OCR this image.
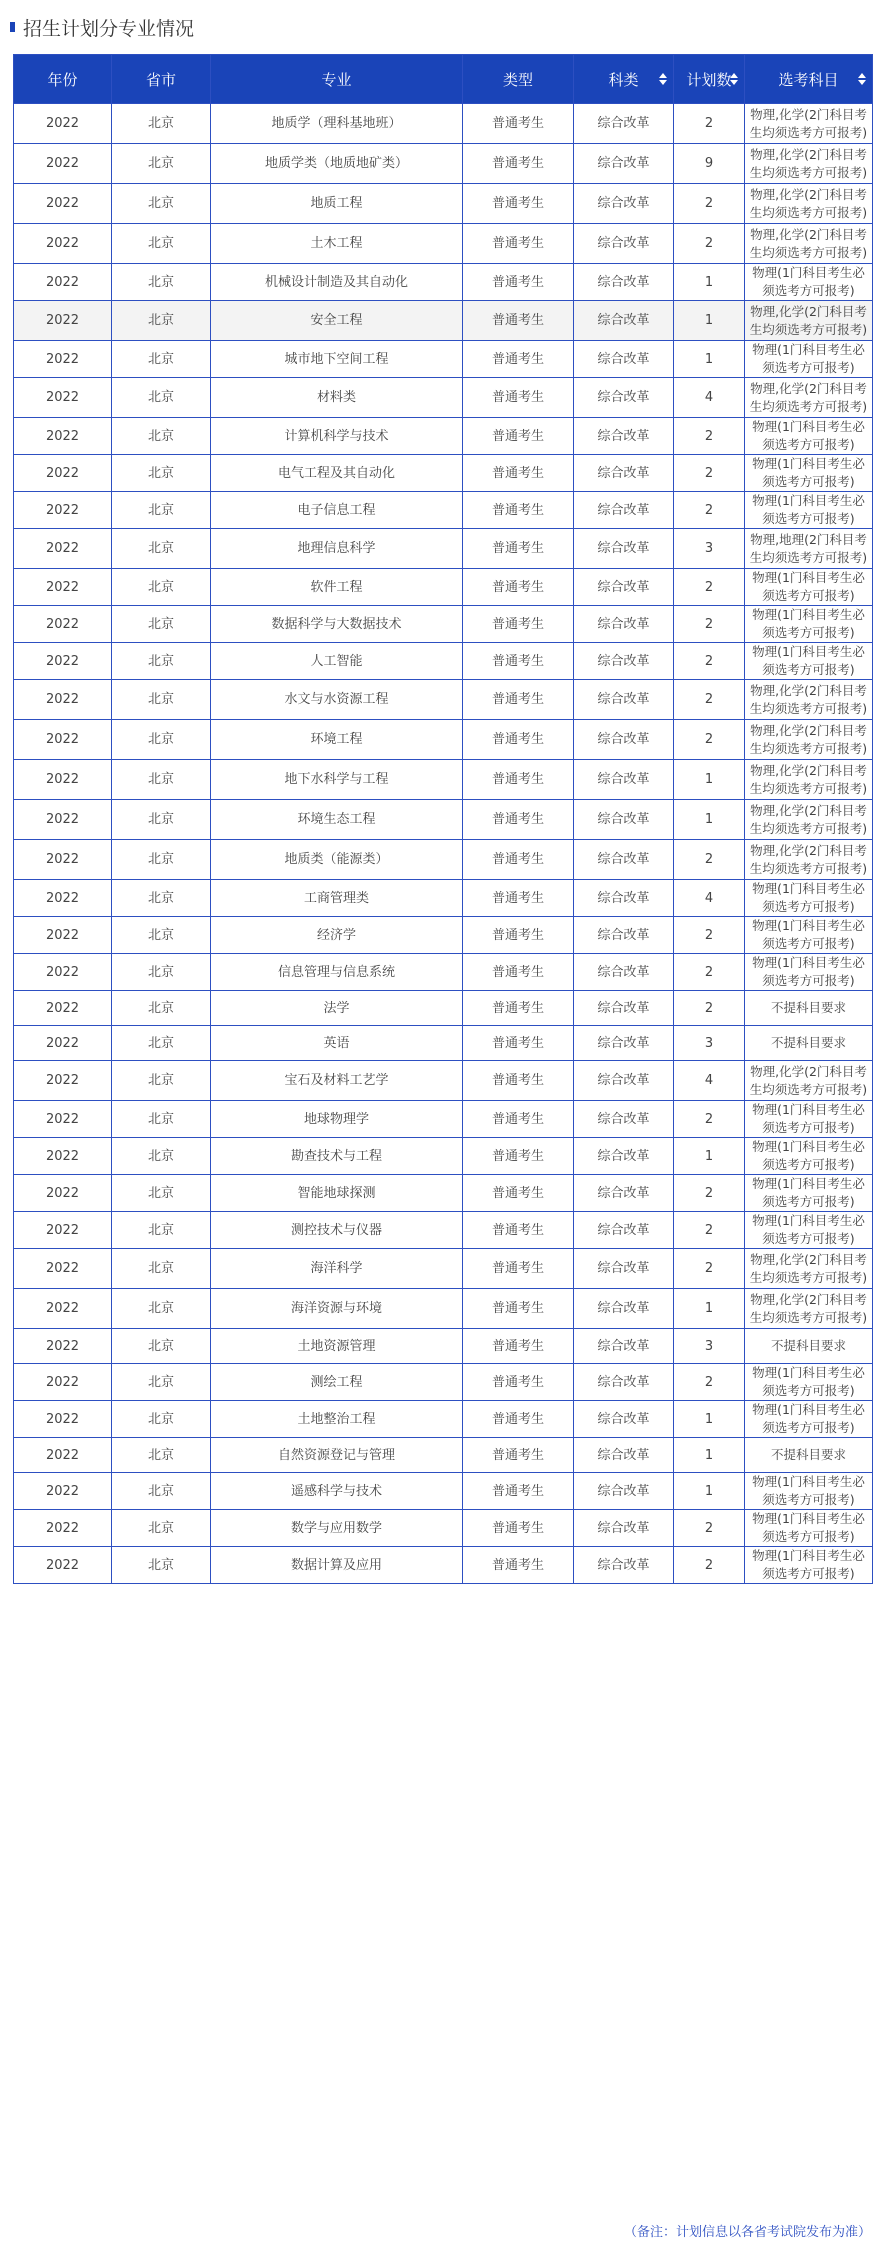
招生计划分专业情况
年份	省市	专业	类型	科类	计划数	选考科目

2022	北京	地质学（理科基地班）	普通考生	综合改革	2	物理,化学(2门科目考生均须选考方可报考)
2022	北京	地质学类（地质地矿类）	普通考生	综合改革	9	物理,化学(2门科目考生均须选考方可报考)
2022	北京	地质工程	普通考生	综合改革	2	物理,化学(2门科目考生均须选考方可报考)
2022	北京	土木工程	普通考生	综合改革	2	物理,化学(2门科目考生均须选考方可报考)
2022	北京	机械设计制造及其自动化	普通考生	综合改革	1	物理(1门科目考生必须选考方可报考)
2022	北京	安全工程	普通考生	综合改革	1	物理,化学(2门科目考生均须选考方可报考)
2022	北京	城市地下空间工程	普通考生	综合改革	1	物理(1门科目考生必须选考方可报考)
2022	北京	材料类	普通考生	综合改革	4	物理,化学(2门科目考生均须选考方可报考)
2022	北京	计算机科学与技术	普通考生	综合改革	2	物理(1门科目考生必须选考方可报考)
2022	北京	电气工程及其自动化	普通考生	综合改革	2	物理(1门科目考生必须选考方可报考)
2022	北京	电子信息工程	普通考生	综合改革	2	物理(1门科目考生必须选考方可报考)
2022	北京	地理信息科学	普通考生	综合改革	3	物理,地理(2门科目考生均须选考方可报考)
2022	北京	软件工程	普通考生	综合改革	2	物理(1门科目考生必须选考方可报考)
2022	北京	数据科学与大数据技术	普通考生	综合改革	2	物理(1门科目考生必须选考方可报考)
2022	北京	人工智能	普通考生	综合改革	2	物理(1门科目考生必须选考方可报考)
2022	北京	水文与水资源工程	普通考生	综合改革	2	物理,化学(2门科目考生均须选考方可报考)
2022	北京	环境工程	普通考生	综合改革	2	物理,化学(2门科目考生均须选考方可报考)
2022	北京	地下水科学与工程	普通考生	综合改革	1	物理,化学(2门科目考生均须选考方可报考)
2022	北京	环境生态工程	普通考生	综合改革	1	物理,化学(2门科目考生均须选考方可报考)
2022	北京	地质类（能源类）	普通考生	综合改革	2	物理,化学(2门科目考生均须选考方可报考)
2022	北京	工商管理类	普通考生	综合改革	4	物理(1门科目考生必须选考方可报考)
2022	北京	经济学	普通考生	综合改革	2	物理(1门科目考生必须选考方可报考)
2022	北京	信息管理与信息系统	普通考生	综合改革	2	物理(1门科目考生必须选考方可报考)
2022	北京	法学	普通考生	综合改革	2	不提科目要求
2022	北京	英语	普通考生	综合改革	3	不提科目要求
2022	北京	宝石及材料工艺学	普通考生	综合改革	4	物理,化学(2门科目考生均须选考方可报考)
2022	北京	地球物理学	普通考生	综合改革	2	物理(1门科目考生必须选考方可报考)
2022	北京	勘查技术与工程	普通考生	综合改革	1	物理(1门科目考生必须选考方可报考)
2022	北京	智能地球探测	普通考生	综合改革	2	物理(1门科目考生必须选考方可报考)
2022	北京	测控技术与仪器	普通考生	综合改革	2	物理(1门科目考生必须选考方可报考)
2022	北京	海洋科学	普通考生	综合改革	2	物理,化学(2门科目考生均须选考方可报考)
2022	北京	海洋资源与环境	普通考生	综合改革	1	物理,化学(2门科目考生均须选考方可报考)
2022	北京	土地资源管理	普通考生	综合改革	3	不提科目要求
2022	北京	测绘工程	普通考生	综合改革	2	物理(1门科目考生必须选考方可报考)
2022	北京	土地整治工程	普通考生	综合改革	1	物理(1门科目考生必须选考方可报考)
2022	北京	自然资源登记与管理	普通考生	综合改革	1	不提科目要求
2022	北京	遥感科学与技术	普通考生	综合改革	1	物理(1门科目考生必须选考方可报考)
2022	北京	数学与应用数学	普通考生	综合改革	2	物理(1门科目考生必须选考方可报考)
2022	北京	数据计算及应用	普通考生	综合改革	2	物理(1门科目考生必须选考方可报考)
（备注：计划信息以各省考试院发布为准）
